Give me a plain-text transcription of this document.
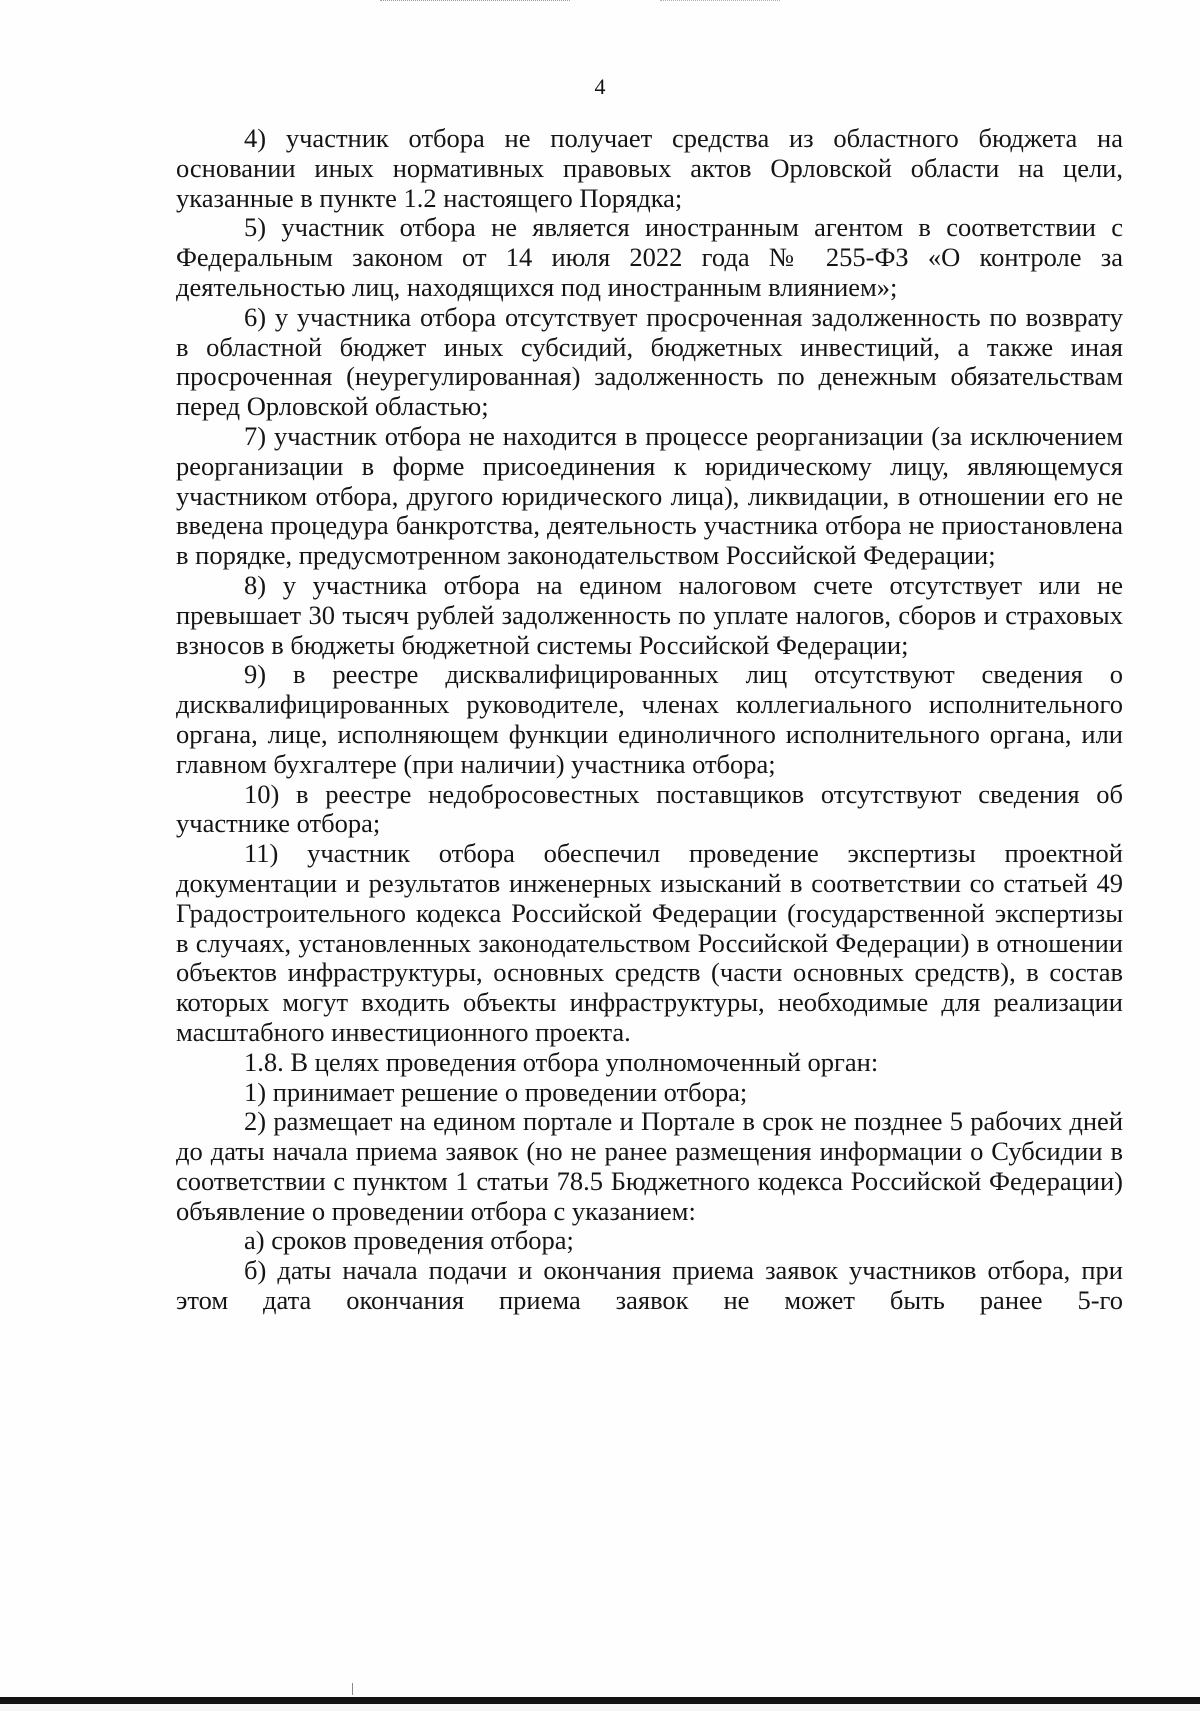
4

4) участник отбора не получает средства из областного бюджета на основании иных нормативных правовых актов Орловской области на цели, указанные в пункте 1.2 настоящего Порядка;

5) участник отбора не является иностранным агентом в соответствии с Федеральным законом от 14 июля 2022 года № 255-ФЗ «О контроле за деятельностью лиц, находящихся под иностранным влиянием»;

6) у участника отбора отсутствует просроченная задолженность по возврату в областной бюджет иных субсидий, бюджетных инвестиций, а также иная просроченная (неурегулированная) задолженность по денежным обязательствам перед Орловской областью;

7) участник отбора не находится в процессе реорганизации (за исключением реорганизации в форме присоединения к юридическому лицу, являющемуся участником отбора, другого юридического лица), ликвидации, в отношении его не введена процедура банкротства, деятельность участника отбора не приостановлена в порядке, предусмотренном законодательством Российской Федерации;

8) у участника отбора на едином налоговом счете отсутствует или не превышает 30 тысяч рублей задолженность по уплате налогов, сборов и страховых взносов в бюджеты бюджетной системы Российской Федерации;

9) в реестре дисквалифицированных лиц отсутствуют сведения о дисквалифицированных руководителе, членах коллегиального исполнительного органа, лице, исполняющем функции единоличного исполнительного органа, или главном бухгалтере (при наличии) участника отбора;

10) в реестре недобросовестных поставщиков отсутствуют сведения об участнике отбора;

11) участник отбора обеспечил проведение экспертизы проектной документации и результатов инженерных изысканий в соответствии со статьей 49 Градостроительного кодекса Российской Федерации (государственной экспертизы в случаях, установленных законодательством Российской Федерации) в отношении объектов инфраструктуры, основных средств (части основных средств), в состав которых могут входить объекты инфраструктуры, необходимые для реализации масштабного инвестиционного проекта.

1.8. В целях проведения отбора уполномоченный орган:

1) принимает решение о проведении отбора;

2) размещает на едином портале и Портале в срок не позднее 5 рабочих дней до даты начала приема заявок (но не ранее размещения информации о Субсидии в соответствии с пунктом 1 статьи 78.5 Бюджетного кодекса Российской Федерации) объявление о проведении отбора с указанием:

а) сроков проведения отбора;

б) даты начала подачи и окончания приема заявок участников отбора, при этом дата окончания приема заявок не может быть ранее 5-го
